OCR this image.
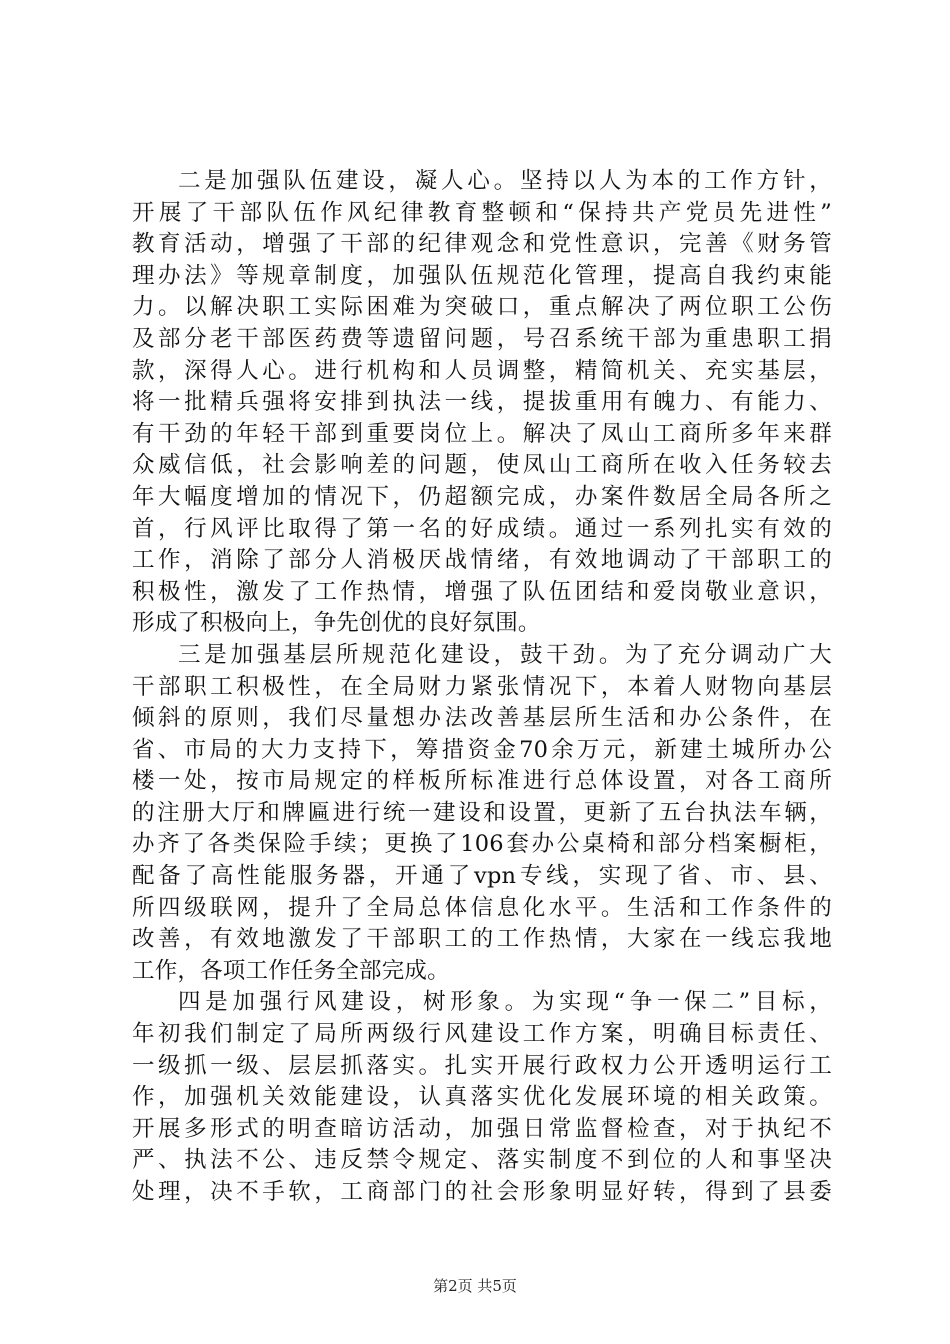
二是加强队伍建设，凝人心。坚持以人为本的工作方针，
开展了干部队伍作风纪律教育整顿和“保持共产党员先进性”
教育活动，增强了干部的纪律观念和党性意识，完善《财务管
理办法》等规章制度，加强队伍规范化管理，提高自我约束能
力。以解决职工实际困难为突破口，重点解决了两位职工公伤
及部分老干部医药费等遗留问题，号召系统干部为重患职工捐
款，深得人心。进行机构和人员调整，精简机关、充实基层，
将一批精兵强将安排到执法一线，提拔重用有魄力、有能力、
有干劲的年轻干部到重要岗位上。解决了凤山工商所多年来群
众威信低，社会影响差的问题，使凤山工商所在收入任务较去
年大幅度增加的情况下，仍超额完成，办案件数居全局各所之
首，行风评比取得了第一名的好成绩。通过一系列扎实有效的
工作，消除了部分人消极厌战情绪，有效地调动了干部职工的
积极性，激发了工作热情，增强了队伍团结和爱岗敬业意识，
形成了积极向上，争先创优的良好氛围。
三是加强基层所规范化建设，鼓干劲。为了充分调动广大
干部职工积极性，在全局财力紧张情况下，本着人财物向基层
倾斜的原则，我们尽量想办法改善基层所生活和办公条件，在
省、市局的大力支持下，筹措资金70余万元，新建土城所办公
楼一处，按市局规定的样板所标准进行总体设置，对各工商所
的注册大厅和牌匾进行统一建设和设置，更新了五台执法车辆，
办齐了各类保险手续；更换了106套办公桌椅和部分档案橱柜，
配备了高性能服务器，开通了vpn专线，实现了省、市、县、
所四级联网，提升了全局总体信息化水平。生活和工作条件的
改善，有效地激发了干部职工的工作热情，大家在一线忘我地
工作，各项工作任务全部完成。
四是加强行风建设，树形象。为实现“争一保二”目标，
年初我们制定了局所两级行风建设工作方案，明确目标责任、
一级抓一级、层层抓落实。扎实开展行政权力公开透明运行工
作，加强机关效能建设，认真落实优化发展环境的相关政策。
开展多形式的明查暗访活动，加强日常监督检查，对于执纪不
严、执法不公、违反禁令规定、落实制度不到位的人和事坚决
处理，决不手软，工商部门的社会形象明显好转，得到了县委
第2页 共5页
